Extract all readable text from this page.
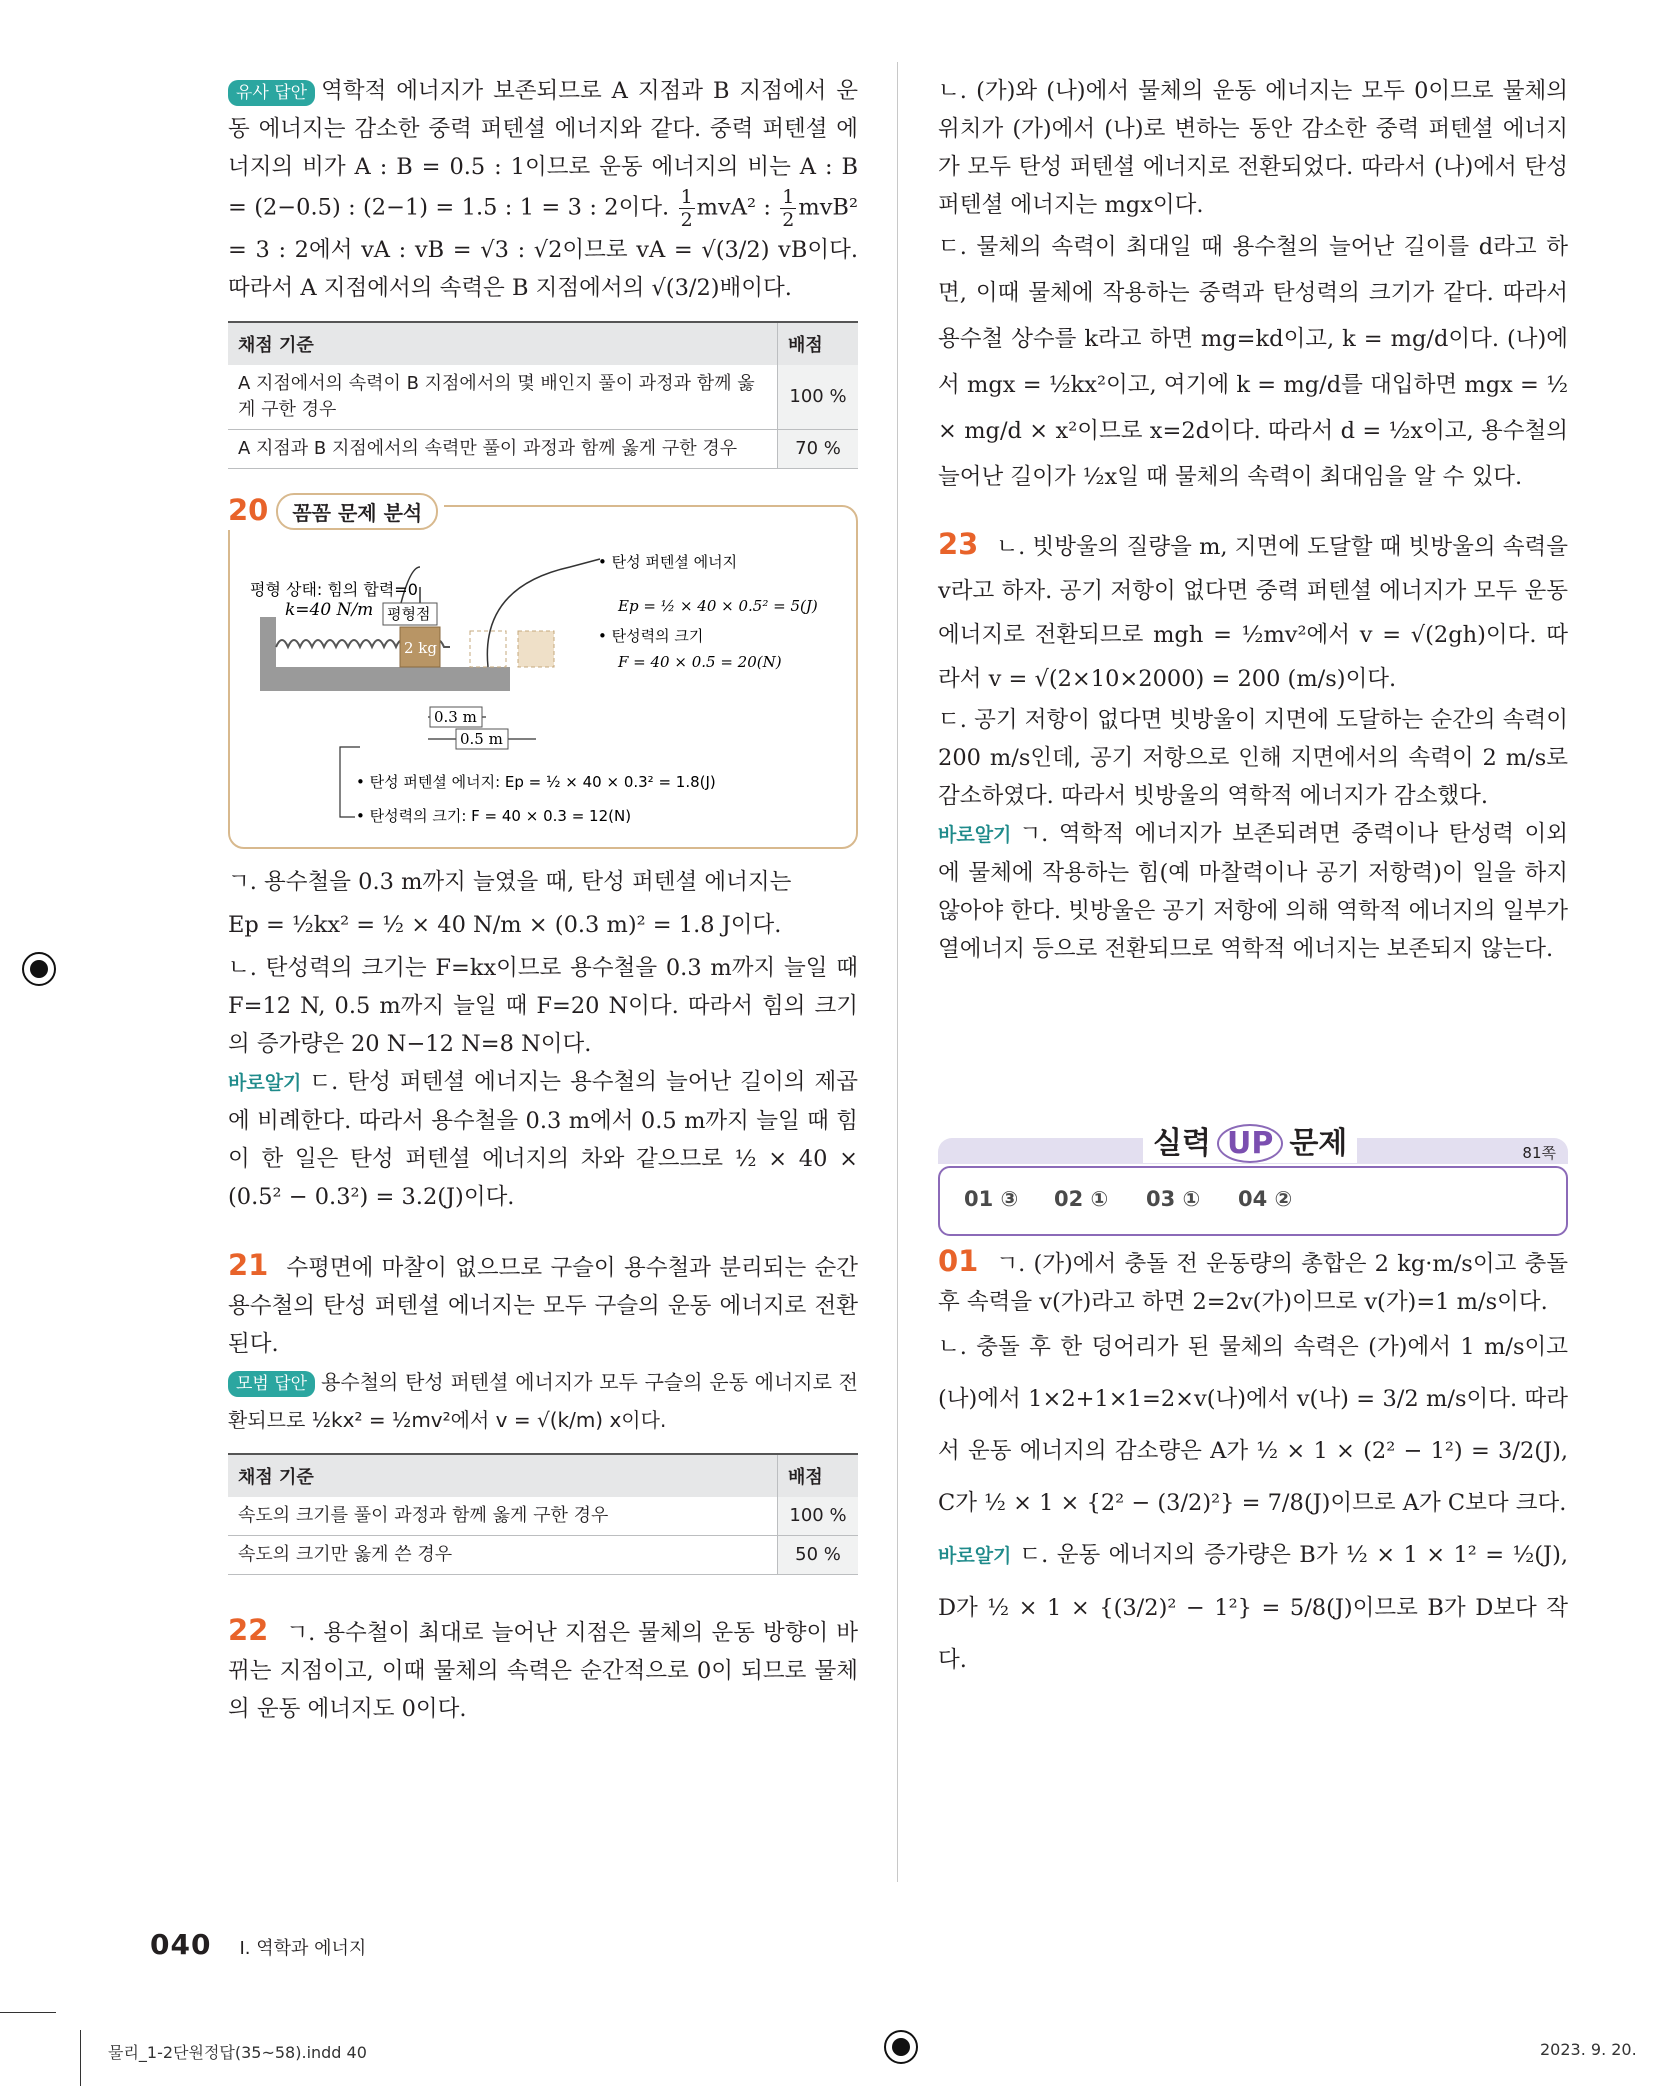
유사 답안 역학적 에너지가 보존되므로 A 지점과 B 지점에서 운동 에너지는 감소한 중력 퍼텐셜 에너지와 같다. 중력 퍼텐셜 에너지의 비가 A : B = 0.5 : 1이므로 운동 에너지의 비는 A : B = (2−0.5) : (2−1) = 1.5 : 1 = 3 : 2이다. $\frac{1}{2} mvA^2$ : $\frac{1}{2} mvB^2 = 3$ : 2에서 vA : vB = √3 : √2이므로 vA = √(3/2) vB이다. 따라서 A 지점에서의 속력은 B 지점에서의 √(3/2)배이다.

채점 기준	배점
A 지점에서의 속력이 B 지점에서의 몇 배인지 풀이 과정과 함께 옳게 구한 경우	100 %
A 지점과 B 지점에서의 속력만 풀이 과정과 함께 옳게 구한 경우	70 %
20 꼼꼼 문제 분석
평형 상태: 힘의 합력=0
k=40 N/m 평형점
2 kg
0.3 m
0.5 m
• 탄성 퍼텐셜 에너지
Ep = ½ × 40 × 0.5² = 5(J)
• 탄성력의 크기
F = 40 × 0.5 = 20(N)
• 탄성 퍼텐셜 에너지: Ep = ½ × 40 × 0.3² = 1.8(J)
• 탄성력의 크기: F = 40 × 0.3 = 12(N)

ㄱ. 용수철을 0.3 m까지 늘였을 때, 탄성 퍼텐셜 에너지는

Ep = ½kx² = ½ × 40 N/m × (0.3 m)² = 1.8 J이다.

ㄴ. 탄성력의 크기는 F=kx이므로 용수철을 0.3 m까지 늘일 때 F=12 N, 0.5 m까지 늘일 때 F=20 N이다. 따라서 힘의 크기의 증가량은 20 N−12 N=8 N이다.

바로알기 ㄷ. 탄성 퍼텐셜 에너지는 용수철의 늘어난 길이의 제곱에 비례한다. 따라서 용수철을 0.3 m에서 0.5 m까지 늘일 때 힘이 한 일은 탄성 퍼텐셜 에너지의 차와 같으므로 ½ × 40 × (0.5² − 0.3²) = 3.2(J)이다.

21 수평면에 마찰이 없으므로 구슬이 용수철과 분리되는 순간 용수철의 탄성 퍼텐셜 에너지는 모두 구슬의 운동 에너지로 전환된다.

모범 답안 용수철의 탄성 퍼텐셜 에너지가 모두 구슬의 운동 에너지로 전환되므로 ½kx² = ½mv²에서 v = √(k/m) x이다.

채점 기준	배점
속도의 크기를 풀이 과정과 함께 옳게 구한 경우	100 %
속도의 크기만 옳게 쓴 경우	50 %

22 ㄱ. 용수철이 최대로 늘어난 지점은 물체의 운동 방향이 바뀌는 지점이고, 이때 물체의 속력은 순간적으로 0이 되므로 물체의 운동 에너지도 0이다.

ㄴ. (가)와 (나)에서 물체의 운동 에너지는 모두 0이므로 물체의 위치가 (가)에서 (나)로 변하는 동안 감소한 중력 퍼텐셜 에너지가 모두 탄성 퍼텐셜 에너지로 전환되었다. 따라서 (나)에서 탄성 퍼텐셜 에너지는 mgx이다.

ㄷ. 물체의 속력이 최대일 때 용수철의 늘어난 길이를 d라고 하면, 이때 물체에 작용하는 중력과 탄성력의 크기가 같다. 따라서 용수철 상수를 k라고 하면 mg=kd이고, k = mg/d이다. (나)에서 mgx = ½kx²이고, 여기에 k = mg/d를 대입하면 mgx = ½ × mg/d × x²이므로 x=2d이다. 따라서 d = ½x이고, 용수철의 늘어난 길이가 ½x일 때 물체의 속력이 최대임을 알 수 있다.

23 ㄴ. 빗방울의 질량을 m, 지면에 도달할 때 빗방울의 속력을 v라고 하자. 공기 저항이 없다면 중력 퍼텐셜 에너지가 모두 운동 에너지로 전환되므로 mgh = ½mv²에서 v = √(2gh)이다. 따라서 v = √(2×10×2000) = 200 (m/s)이다.

ㄷ. 공기 저항이 없다면 빗방울이 지면에 도달하는 순간의 속력이 200 m/s인데, 공기 저항으로 인해 지면에서의 속력이 2 m/s로 감소하였다. 따라서 빗방울의 역학적 에너지가 감소했다.

바로알기 ㄱ. 역학적 에너지가 보존되려면 중력이나 탄성력 이외에 물체에 작용하는 힘(예 마찰력이나 공기 저항력)이 일을 하지 않아야 한다. 빗방울은 공기 저항에 의해 역학적 에너지의 일부가 열에너지 등으로 전환되므로 역학적 에너지는 보존되지 않는다.

실력 UP 문제	81쪽
01 ③ 02 ① 03 ① 04 ②

01 ㄱ. (가)에서 충돌 전 운동량의 총합은 2 kg·m/s이고 충돌 후 속력을 v(가)라고 하면 2=2v(가)이므로 v(가)=1 m/s이다.

ㄴ. 충돌 후 한 덩어리가 된 물체의 속력은 (가)에서 1 m/s이고 (나)에서 1×2+1×1=2×v(나)에서 v(나) = 3/2 m/s이다. 따라서 운동 에너지의 감소량은 A가 ½ × 1 × (2² − 1²) = 3/2(J), C가 ½ × 1 × {2² − (3/2)²} = 7/8(J)이므로 A가 C보다 크다.

바로알기 ㄷ. 운동 에너지의 증가량은 B가 ½ × 1 × 1² = ½(J), D가 ½ × 1 × {(3/2)² − 1²} = 5/8(J)이므로 B가 D보다 작다.

040 I. 역학과 에너지
물리_1-2단원정답(35~58).indd 40	2023. 9. 20.
